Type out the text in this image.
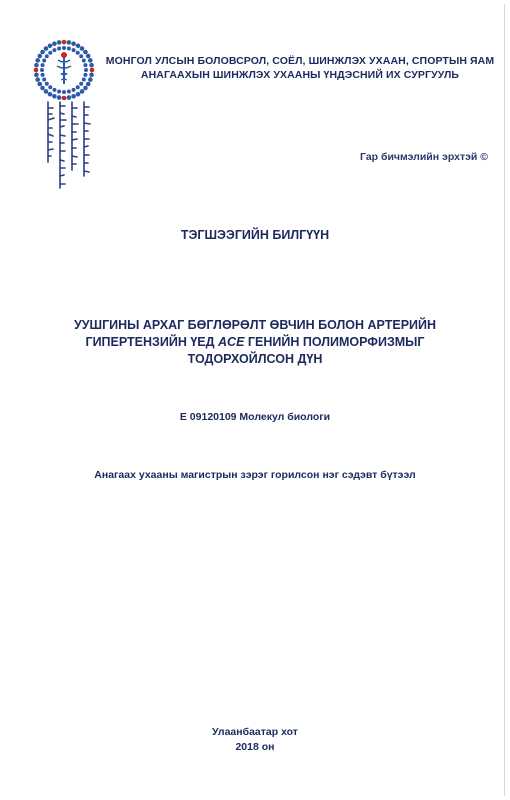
МОНГОЛ УЛСЫН БОЛОВСРОЛ, СОЁЛ, ШИНЖЛЭХ УХААН, СПОРТЫН ЯАМ
АНАГААХЫН ШИНЖЛЭХ УХААНЫ ҮНДЭСНИЙ ИХ СУРГУУЛЬ
Гар бичмэлийн эрхтэй ©
ТЭГШЭЭГИЙН БИЛГҮҮН
УУШГИНЫ АРХАГ БӨГЛӨРӨЛТ ӨВЧИН БОЛОН АРТЕРИЙН
ГИПЕРТЕНЗИЙН ҮЕД ACE ГЕНИЙН ПОЛИМОРФИЗМЫГ
ТОДОРХОЙЛСОН ДҮН
E 09120109 Молекул биологи
Анагаах ухааны магистрын зэрэг горилсон нэг сэдэвт бүтээл
Улаанбаатар хот
2018 он
